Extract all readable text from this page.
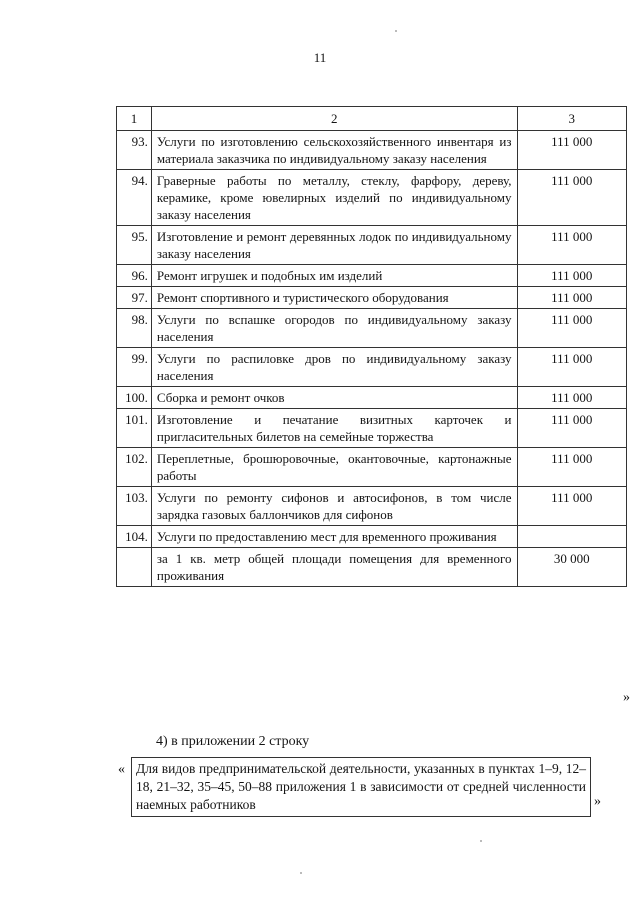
11
1	2	3
93.	Услуги по изготовлению сельскохозяйственного инвентаря из материала заказчика по индивидуальному заказу населения	111 000
94.	Граверные работы по металлу, стеклу, фарфору, дереву, керамике, кроме ювелирных изделий по индивидуальному заказу населения	111 000
95.	Изготовление и ремонт деревянных лодок по индивидуальному заказу населения	111 000
96.	Ремонт игрушек и подобных им изделий	111 000
97.	Ремонт спортивного и туристического оборудования	111 000
98.	Услуги по вспашке огородов по индивидуальному заказу населения	111 000
99.	Услуги по распиловке дров по индивидуальному заказу населения	111 000
100.	Сборка и ремонт очков	111 000
101.	Изготовление и печатание визитных карточек и пригласительных билетов на семейные торжества	111 000
102.	Переплетные, брошюровочные, окантовочные, картонажные работы	111 000
103.	Услуги по ремонту сифонов и автосифонов, в том числе зарядка газовых баллончиков для сифонов	111 000
104.	Услуги по предоставлению мест для временного проживания	
	за 1 кв. метр общей площади помещения для временного проживания	30 000
»
4) в приложении 2 строку
« Для видов предпринимательской деятельности, указанных в пунктах 1–9, 12–18, 21–32, 35–45, 50–88 приложения 1 в зависимости от средней численности наемных работников	»
